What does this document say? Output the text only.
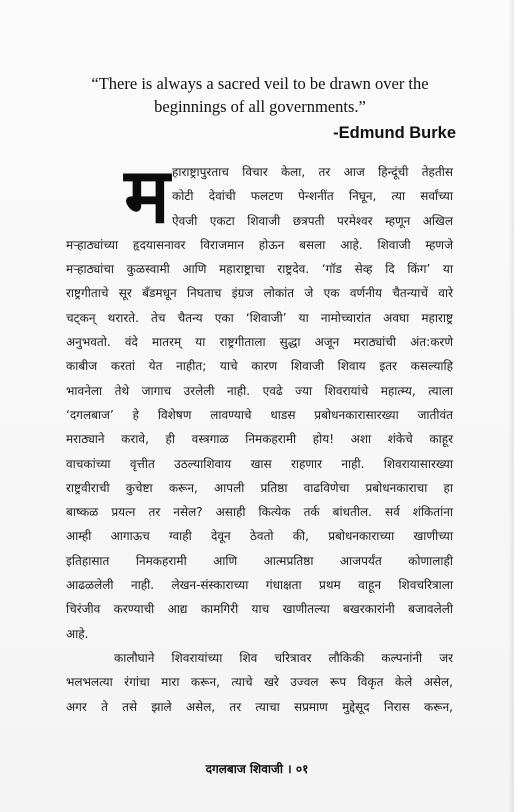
“There is always a sacred veil to be drawn over the
beginnings of all governments.”
-Edmund Burke
म हाराष्ट्रापुरताच विचार केला, तर आज हिन्दूंची तेहतीस
कोटी देवांची फलटण पेन्शनींत निघून, त्या सर्वांच्या
ऐवजी एकटा शिवाजी छत्रपती परमेश्वर म्हणून अखिल
मऱ्हाठ्यांच्या हृदयासनावर विराजमान होऊन बसला आहे. शिवाजी म्हणजे
मऱ्हाठ्यांचा कुळस्वामी आणि महाराष्ट्राचा राष्ट्रदेव. ‘गॉड सेव्ह दि किंग’ या
राष्ट्रगीताचे सूर बॅंडमधून निघताच इंग्रज लोकांत जे एक वर्णनीय चैतन्याचें वारे
चट्कन् थरारते. तेच चैतन्य एका ‘शिवाजी’ या नामोच्चारांत अवघा महाराष्ट्र
अनुभवतो. वंदे मातरम् या राष्ट्रगीताला सुद्धा अजून मराठ्यांची अंत:करणे
काबीज करतां येत नाहीत; याचे कारण शिवाजी शिवाय इतर कसल्याहि
भावनेला तेथे जागाच उरलेली नाही. एवढे ज्या शिवरायांचे महात्म्य, त्याला
‘दगलबाज’ हे विशेषण लावण्याचे धाडस प्रबोधनकारासारख्या जातीवंत
मराठ्याने करावे, ही वस्त्रगाळ निमकहरामी होय! अशा शंकेचे काहूर
वाचकांच्या वृत्तीत उठल्याशिवाय खास राहणार नाही. शिवरायासारख्या
राष्ट्रवीराची कुचेष्टा करून, आपली प्रतिष्ठा वाढविणेचा प्रबोधनकाराचा हा
बाष्कळ प्रयत्न तर नसेल? असाही कित्येक तर्क बांधतील. सर्व शंकितांना
आम्ही आगाऊच ग्वाही देवून ठेवतो की, प्रबोधनकाराच्या खाणीच्या
इतिहासात निमकहरामी आणि आत्मप्रतिष्ठा आजपर्यंत कोणालाही
आढळलेली नाही. लेखन-संस्काराच्या गंधाक्षता प्रथम वाहून शिवचरित्राला
चिरंजीव करण्याची आद्य कामगिरी याच खाणीतल्या बखरकारांनी बजावलेली
आहे.
कालौघाने शिवरायांच्या शिव चरित्रावर लौकिकी कल्पनांनी जर
भलभलत्या रंगांचा मारा करून, त्याचे खरे उज्वल रूप विकृत केले असेल,
अगर ते तसे झाले असेल, तर त्याचा सप्रमाण मुद्देसूद निरास करून,
दगलबाज शिवाजी । ०१
